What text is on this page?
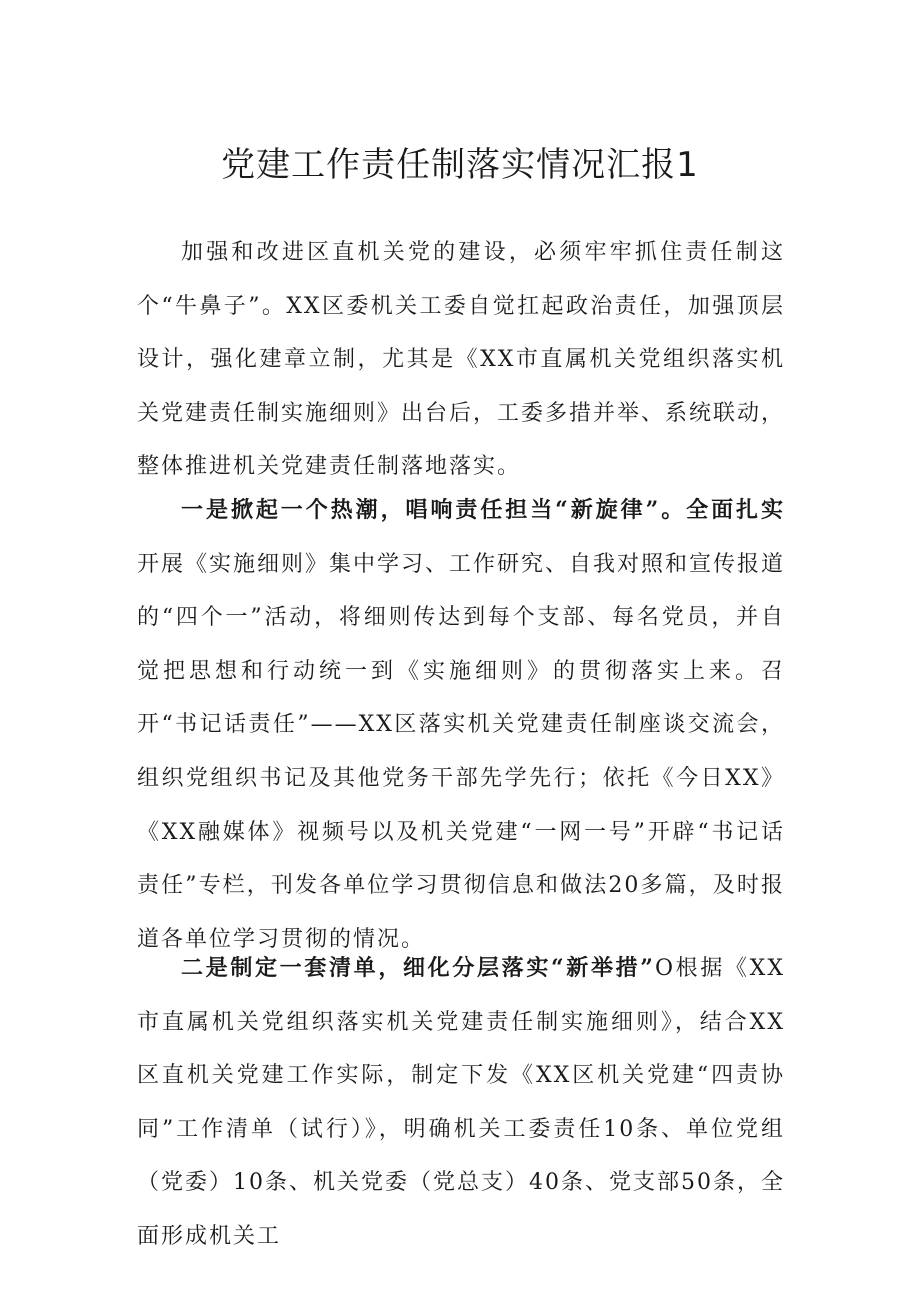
党建工作责任制落实情况汇报1

加强和改进区直机关党的建设，必须牢牢抓住责任制这个“牛鼻子”。XX区委机关工委自觉扛起政治责任，加强顶层设计，强化建章立制，尤其是《XX市直属机关党组织落实机关党建责任制实施细则》出台后，工委多措并举、系统联动，整体推进机关党建责任制落地落实。

一是掀起一个热潮，唱响责任担当“新旋律”。全面扎实开展《实施细则》集中学习、工作研究、自我对照和宣传报道的“四个一”活动，将细则传达到每个支部、每名党员，并自觉把思想和行动统一到《实施细则》的贯彻落实上来。召开“书记话责任”——XX区落实机关党建责任制座谈交流会，组织党组织书记及其他党务干部先学先行；依托《今日XX》《XX融媒体》视频号以及机关党建“一网一号”开辟“书记话责任”专栏，刊发各单位学习贯彻信息和做法20多篇，及时报道各单位学习贯彻的情况。

二是制定一套清单，细化分层落实“新举措”O根据《XX市直属机关党组织落实机关党建责任制实施细则》，结合XX区直机关党建工作实际，制定下发《XX区机关党建“四责协同”工作清单（试行）》，明确机关工委责任10条、单位党组（党委）10条、机关党委（党总支）40条、党支部50条，全面形成机关工
